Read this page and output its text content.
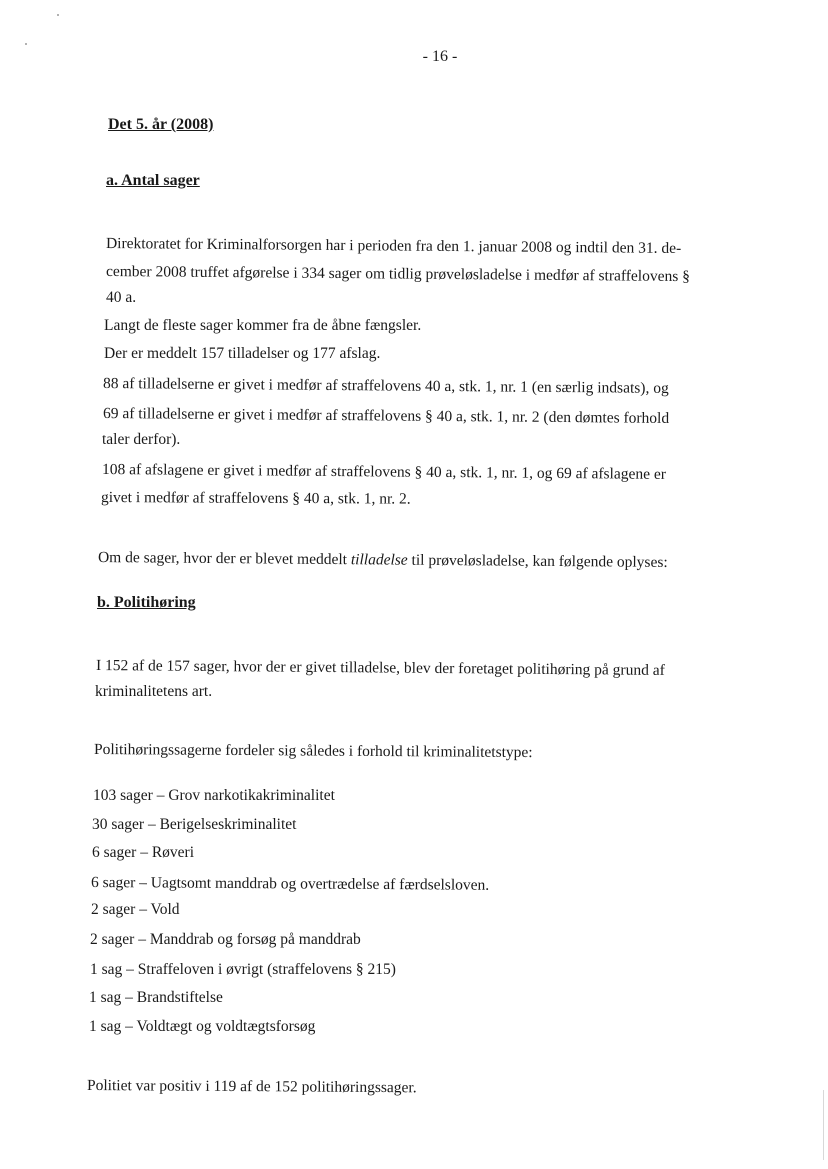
- 16 -
Det 5. år (2008)
a. Antal sager
Direktoratet for Kriminalforsorgen har i perioden fra den 1. januar 2008 og indtil den 31. de-
cember 2008 truffet afgørelse i 334 sager om tidlig prøveløsladelse i medfør af straffelovens §
40 a.
Langt de fleste sager kommer fra de åbne fængsler.
Der er meddelt 157 tilladelser og 177 afslag.
88 af tilladelserne er givet i medfør af straffelovens 40 a, stk. 1, nr. 1 (en særlig indsats), og
69 af tilladelserne er givet i medfør af straffelovens § 40 a, stk. 1, nr. 2 (den dømtes forhold
taler derfor).
108 af afslagene er givet i medfør af straffelovens § 40 a, stk. 1, nr. 1, og 69 af afslagene er
givet i medfør af straffelovens § 40 a, stk. 1, nr. 2.
Om de sager, hvor der er blevet meddelt tilladelse til prøveløsladelse, kan følgende oplyses:
b. Politihøring
I 152 af de 157 sager, hvor der er givet tilladelse, blev der foretaget politihøring på grund af
kriminalitetens art.
Politihøringssagerne fordeler sig således i forhold til kriminalitetstype:
103 sager – Grov narkotikakriminalitet
30 sager – Berigelseskriminalitet
6 sager – Røveri
6 sager – Uagtsomt manddrab og overtrædelse af færdselsloven.
2 sager – Vold
2 sager – Manddrab og forsøg på manddrab
1 sag – Straffeloven i øvrigt (straffelovens § 215)
1 sag – Brandstiftelse
1 sag – Voldtægt og voldtægtsforsøg
Politiet var positiv i 119 af de 152 politihøringssager.
